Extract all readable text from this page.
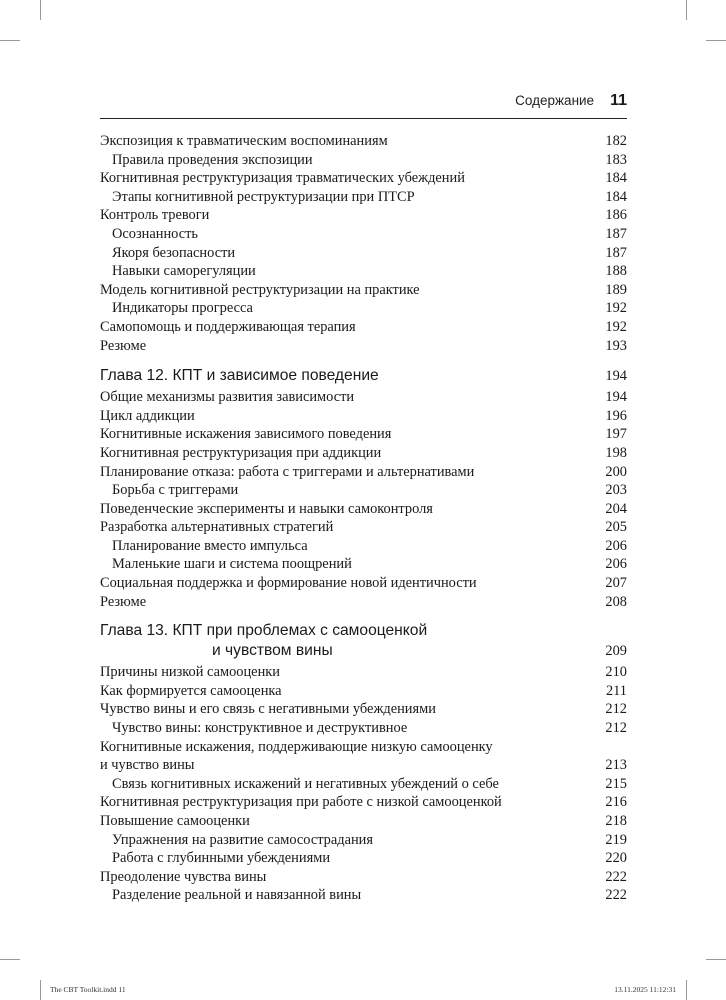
Содержание 11
Экспозиция к травматическим воспоминаниям	182
Правила проведения экспозиции	183
Когнитивная реструктуризация травматических убеждений	184
Этапы когнитивной реструктуризации при ПТСР	184
Контроль тревоги	186
Осознанность	187
Якоря безопасности	187
Навыки саморегуляции	188
Модель когнитивной реструктуризации на практике	189
Индикаторы прогресса	192
Самопомощь и поддерживающая терапия	192
Резюме	193
Глава 12. КПТ и зависимое поведение	194
Общие механизмы развития зависимости	194
Цикл аддикции	196
Когнитивные искажения зависимого поведения	197
Когнитивная реструктуризация при аддикции	198
Планирование отказа: работа с триггерами и альтернативами	200
Борьба с триггерами	203
Поведенческие эксперименты и навыки самоконтроля	204
Разработка альтернативных стратегий	205
Планирование вместо импульса	206
Маленькие шаги и система поощрений	206
Социальная поддержка и формирование новой идентичности	207
Резюме	208
Глава 13. КПТ при проблемах с самооценкой
и чувством вины	209
Причины низкой самооценки	210
Как формируется самооценка	211
Чувство вины и его связь с негативными убеждениями	212
Чувство вины: конструктивное и деструктивное	212
Когнитивные искажения, поддерживающие низкую самооценку
и чувство вины	213
Связь когнитивных искажений и негативных убеждений о себе	215
Когнитивная реструктуризация при работе с низкой самооценкой	216
Повышение самооценки	218
Упражнения на развитие самосострадания	219
Работа с глубинными убеждениями	220
Преодоление чувства вины	222
Разделение реальной и навязанной вины	222
The CBT Toolkit.indd 11	13.11.2025 11:12:31
